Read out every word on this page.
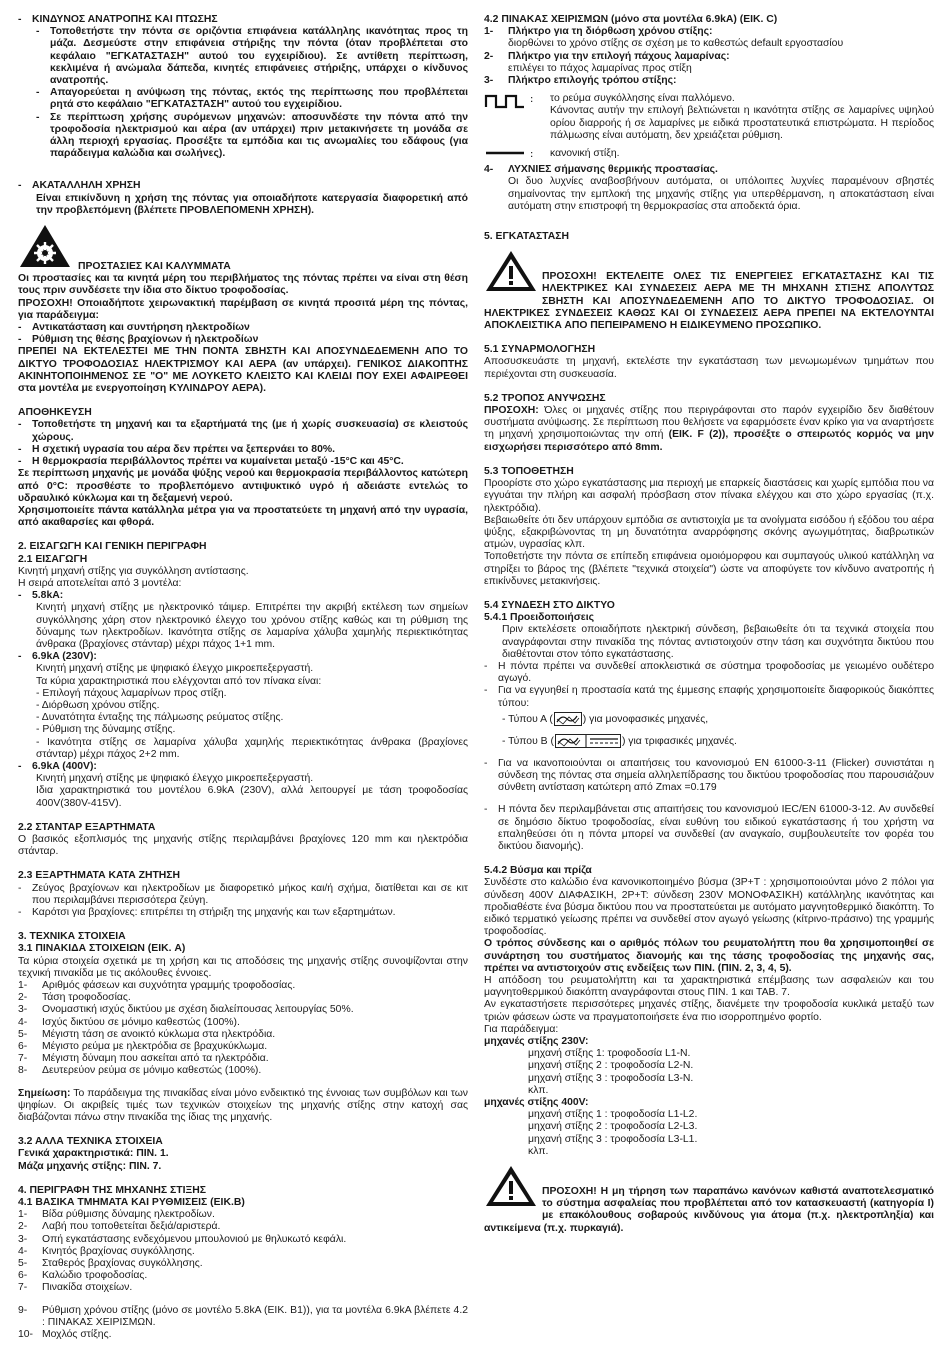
- ΚΙΝΔΥΝΟΣ ΑΝΑΤΡΟΠΗΣ ΚΑΙ ΠΤΩΣΗΣ
- Τοποθετήστε την πόντα σε οριζόντια επιφάνεια κατάλληλης ικανότητας προς τη μάζα. Δεσμεύστε στην επιφάνεια στήριξης την πόντα (όταν προβλέπεται στο κεφάλαιο "ΕΓΚΑΤΑΣΤΑΣΗ" αυτού του εγχειρίδιου). Σε αντίθετη περίπτωση, κεκλιμένα ή ανώμαλα δάπεδα, κινητές επιφάνειες στήριξης, υπάρχει ο κίνδυνος ανατροπής.
- Απαγορεύεται η ανύψωση της πόντας, εκτός της περίπτωσης που προβλέπεται ρητά στο κεφάλαιο "ΕΓΚΑΤΑΣΤΑΣΗ" αυτού του εγχειρίδιου.
- Σε περίπτωση χρήσης συρόμενων μηχανών: αποσυνδέστε την πόντα από την τροφοδοσία ηλεκτρισμού και αέρα (αν υπάρχει) πριν μετακινήσετε τη μονάδα σε άλλη περιοχή εργασίας. Προσέξτε τα εμπόδια και τις ανωμαλίες του εδάφους (για παράδειγμα καλώδια και σωλήνες).
- ΑΚΑΤΑΛΛΗΛΗ ΧΡΗΣΗ
Είναι επικίνδυνη η χρήση της πόντας για οποιαδήποτε κατεργασία διαφορετική από την προβλεπόμενη (βλέπετε ΠΡΟΒΛΕΠΟΜΕΝΗ ΧΡΗΣΗ).
ΠΡΟΣΤΑΣΙΕΣ ΚΑΙ ΚΑΛΥΜΜΑΤΑ
Οι προστασίες και τα κινητά μέρη του περιβλήματος της πόντας πρέπει να είναι στη θέση τους πριν συνδέσετε την ίδια στο δίκτυο τροφοδοσίας.
ΠΡΟΣΟΧΗ! Οποιαδήποτε χειρωνακτική παρέμβαση σε κινητά προσιτά μέρη της πόντας, για παράδειγμα:
- Αντικατάσταση και συντήρηση ηλεκτροδίων
- Ρύθμιση της θέσης βραχίονων ή ηλεκτροδίων
ΠΡΕΠΕΙ ΝΑ ΕΚΤΕΛΕΣΤΕΙ ΜΕ ΤΗΝ ΠΟΝΤΑ ΣΒΗΣΤΗ ΚΑΙ ΑΠΟΣΥΝΔΕΔΕΜΕΝΗ ΑΠΟ ΤΟ ΔΙΚΤΥΟ ΤΡΟΦΟΔΟΣΙΑΣ ΗΛΕΚΤΡΙΣΜΟΥ ΚΑΙ ΑΕΡΑ (αν υπάρχει). ΓΕΝΙΚΟΣ ΔΙΑΚΟΠΤΗΣ ΑΚΙΝΗΤΟΠΟΙΗΜΕΝΟΣ ΣΕ "Ο" ΜΕ ΛΟΥΚΕΤΟ ΚΛΕΙΣΤΟ ΚΑΙ ΚΛΕΙΔΙ ΠΟΥ ΕΧΕΙ ΑΦΑΙΡΕΘΕΙ στα μοντέλα με ενεργοποίηση ΚΥΛΙΝΔΡΟΥ ΑΕΡΑ).
ΑΠΟΘΗΚΕΥΣΗ
- Τοποθετήστε τη μηχανή και τα εξαρτήματά της (με ή χωρίς συσκευασία) σε κλειστούς χώρους.
- Η σχετική υγρασία του αέρα δεν πρέπει να ξεπερνάει το 80%.
- Η θερμοκρασία περιβάλλοντος πρέπει να κυμαίνεται μεταξύ -15°C και 45°C.
Σε περίπτωση μηχανής με μονάδα ψύξης νερού και θερμοκρασία περιβάλλοντος κατώτερη από 0°C: προσθέστε το προβλεπόμενο αντιψυκτικό υγρό ή αδειάστε εντελώς το υδραυλικό κύκλωμα και τη δεξαμενή νερού.
Χρησιμοποιείτε πάντα κατάλληλα μέτρα για να προστατεύετε τη μηχανή από την υγρασία, από ακαθαρσίες και φθορά.
2. ΕΙΣΑΓΩΓΗ ΚΑΙ ΓΕΝΙΚΗ ΠΕΡΙΓΡΑΦΗ
2.1 ΕΙΣΑΓΩΓΗ
Κινητή μηχανή στίξης για συγκόλληση αντίστασης.
Η σειρά αποτελείται από 3 μοντέλα:
- 5.8kA:
Κινητή μηχανή στίξης με ηλεκτρονικό τάιμερ. Επιτρέπει την ακριβή εκτέλεση των σημείων συγκόλλησης χάρη στον ηλεκτρονικό έλεγχο του χρόνου στίξης καθώς και τη ρύθμιση της δύναμης των ηλεκτροδίων. Ικανότητα στίξης σε λαμαρίνα χάλυβα χαμηλής περιεκτικότητας άνθρακα (βραχίονες στάνταρ) μέχρι πάχος 1+1 mm.
- 6.9kA (230V):
Κινητή μηχανή στίξης με ψηφιακό έλεγχο μικροεπεξεργαστή.
Τα κύρια χαρακτηριστικά που ελέγχονται από τον πίνακα είναι:
- Επιλογή πάχους λαμαρίνων προς στίξη.
- Διόρθωση χρόνου στίξης.
- Δυνατότητα ένταξης της πάλμωσης ρεύματος στίξης.
- Ρύθμιση της δύναμης στίξης.
- Ικανότητα στίξης σε λαμαρίνα χάλυβα χαμηλής περιεκτικότητας άνθρακα (βραχίονες στάνταρ) μέχρι πάχος 2+2 mm.
- 6.9kA (400V):
Κινητή μηχανή στίξης με ψηφιακό έλεγχο μικροεπεξεργαστή.
Ιδια χαρακτηριστικά του μοντέλου 6.9kA (230V), αλλά λειτουργεί με τάση τροφοδοσίας 400V(380V-415V).
2.2 ΣΤΑΝΤΑΡ ΕΞΑΡΤΗΜΑΤΑ
Ο βασικός εξοπλισμός της μηχανής στίξης περιλαμβάνει βραχίονες 120 mm και ηλεκτρόδια στάνταρ.
2.3 ΕΞΑΡΤΗΜΑΤΑ ΚΑΤΑ ΖΗΤΗΣΗ
- Ζεύγος βραχίονων και ηλεκτροδίων με διαφορετικό μήκος και/ή σχήμα, διατίθεται και σε κιτ που περιλαμβάνει περισσότερα ζεύγη.
- Καρότσι για βραχίονες: επιτρέπει τη στήριξη της μηχανής και των εξαρτημάτων.
3. ΤΕΧΝΙΚΑ ΣΤΟΙΧΕΙΑ
3.1 ΠΙΝΑΚΙΔΑ ΣΤΟΙΧΕΙΩΝ (ΕΙΚ. A)
Τα κύρια στοιχεία σχετικά με τη χρήση και τις αποδόσεις της μηχανής στίξης συνοψίζονται στην τεχνική πινακίδα με τις ακόλουθες έννοιες.
1- Αριθμός φάσεων και συχνότητα γραμμής τροφοδοσίας.
2- Τάση τροφοδοσίας.
3- Ονομαστική ισχύς δικτύου με σχέση διαλείπουσας λειτουργίας 50%.
4- Ισχύς δικτύου σε μόνιμο καθεστώς (100%).
5- Μέγιστη τάση σε ανοικτό κύκλωμα στα ηλεκτρόδια.
6- Μέγιστο ρεύμα με ηλεκτρόδια σε βραχυκύκλωμα.
7- Μέγιστη δύναμη που ασκείται από τα ηλεκτρόδια.
8- Δευτερεύον ρεύμα σε μόνιμο καθεστώς (100%).
Σημείωση: Το παράδειγμα της πινακίδας είναι μόνο ενδεικτικό της έννοιας των συμβόλων και των ψηφίων. Οι ακριβείς τιμές των τεχνικών στοιχείων της μηχανής στίξης στην κατοχή σας διαβάζονται πάνω στην πινακίδα της ίδιας της μηχανής.
3.2 ΑΛΛΑ ΤΕΧΝΙΚΑ ΣΤΟΙΧΕΙΑ
Γενικά χαρακτηριστικά: ΠΙΝ. 1.
Μάζα μηχανής στίξης: ΠΙΝ. 7.
4. ΠΕΡΙΓΡΑΦΗ ΤΗΣ ΜΗΧΑΝΗΣ ΣΤΙΞΗΣ
4.1 ΒΑΣΙΚΑ ΤΜΗΜΑΤΑ ΚΑΙ ΡΥΘΜΙΣΕΙΣ (ΕΙΚ.B)
1- Βίδα ρύθμισης δύναμης ηλεκτροδίων.
2- Λαβή που τοποθετείται δεξιά/αριστερά.
3- Οπή εγκατάστασης ενδεχόμενου μπουλονιού με θηλυκωτό κεφάλι.
4- Κινητός βραχίονας συγκόλλησης.
5- Σταθερός βραχίονας συγκόλλησης.
6- Καλώδιο τροφοδοσίας.
7- Πινακίδα στοιχείων.
9- Ρύθμιση χρόνου στίξης (μόνο σε μοντέλο 5.8kA (ΕΙΚ. B1)), για τα μοντέλα 6.9kA βλέπετε 4.2 : ΠΙΝΑΚΑΣ ΧΕΙΡΙΣΜΩΝ.
10- Μοχλός στίξης.
4.2 ΠΙΝΑΚΑΣ ΧΕΙΡΙΣΜΩΝ (μόνο στα μοντέλα 6.9kA) (ΕΙΚ. C)
1- Πλήκτρο για τη διόρθωση χρόνου στίξης:
διορθώνει το χρόνο στίξης σε σχέση με το καθεστώς default εργοστασίου
2- Πλήκτρο για την επιλογή πάχους λαμαρίνας:
επιλέγει το πάχος λαμαρίνας προς στίξη
3- Πλήκτρο επιλογής τρόπου στίξης:
: το ρεύμα συγκόλλησης είναι παλλόμενο.
Κάνοντας αυτήν την επιλογή βελτιώνεται η ικανότητα στίξης σε λαμαρίνες υψηλού ορίου διαρροής ή σε λαμαρίνες με ειδικά προστατευτικά επιστρώματα. Η περίοδος πάλμωσης είναι αυτόματη, δεν χρειάζεται ρύθμιση.
: κανονική στίξη.
4- ΛΥΧΝΙΕΣ σήμανσης θερμικής προστασίας.
Οι δυο λυχνίες αναβοσβήνουν αυτόματα, οι υπόλοιπες λυχνίες παραμένουν σβηστές σημαίνοντας την εμπλοκή της μηχανής στίξης για υπερθέρμανση, η αποκατάσταση είναι αυτόματη στην επιστροφή τη θερμοκρασίας στα αποδεκτά όρια.
5. ΕΓΚΑΤΑΣΤΑΣΗ
ΠΡΟΣΟΧΗ! ΕΚΤΕΛΕΙΤΕ ΟΛΕΣ ΤΙΣ ΕΝΕΡΓΕΙΕΣ ΕΓΚΑΤΑΣΤΑΣΗΣ ΚΑΙ ΤΙΣ ΗΛΕΚΤΡΙΚΕΣ ΚΑΙ ΣΥΝΔΕΣΕΙΣ ΑΕΡΑ ΜΕ ΤΗ ΜΗΧΑΝΗ ΣΤΙΞΗΣ ΑΠΟΛΥΤΩΣ ΣΒΗΣΤΗ ΚΑΙ ΑΠΟΣΥΝΔΕΔΕΜΕΝΗ ΑΠΟ ΤΟ ΔΙΚΤΥΟ ΤΡΟΦΟΔΟΣΙΑΣ. ΟΙ ΗΛΕΚΤΡΙΚΕΣ ΣΥΝΔΕΣΕΙΣ ΚΑΘΩΣ ΚΑΙ ΟΙ ΣΥΝΔΕΣΕΙΣ ΑΕΡΑ ΠΡΕΠΕΙ ΝΑ ΕΚΤΕΛΟΥΝΤΑΙ ΑΠΟΚΛΕΙΣΤΙΚΑ ΑΠΟ ΠΕΠΕΙΡΑΜΕΝΟ Η ΕΙΔΙΚΕΥΜΕΝΟ ΠΡΟΣΩΠΙΚΟ.
5.1 ΣΥΝΑΡΜΟΛΟΓΗΣΗ
Αποσυσκευάστε τη μηχανή, εκτελέστε την εγκατάσταση των μενωμωμένων τμημάτων που περιέχονται στη συσκευασία.
5.2 ΤΡΟΠΟΣ ΑΝΥΨΩΣΗΣ
ΠΡΟΣΟΧΗ: Όλες οι μηχανές στίξης που περιγράφονται στο παρόν εγχειρίδιο δεν διαθέτουν συστήματα ανύψωσης. Σε περίπτωση που θελήσετε να εφαρμόσετε έναν κρίκο για να αναρτήσετε τη μηχανή χρησιμοποιώντας την οπή (ΕΙΚ. F (2)), προσέξτε ο σπειρωτός κορμός να μην εισχωρήσει περισσότερο από 8mm.
5.3 ΤΟΠΟΘΕΤΗΣΗ
Προορίστε στο χώρο εγκατάστασης μια περιοχή με επαρκείς διαστάσεις και χωρίς εμπόδια που να εγγυάται την πλήρη και ασφαλή πρόσβαση στον πίνακα ελέγχου και στο χώρο εργασίας (π.χ. ηλεκτρόδια).
Βεβαιωθείτε ότι δεν υπάρχουν εμπόδια σε αντιστοιχία με τα ανοίγματα εισόδου ή εξόδου του αέρα ψύξης, εξακριβώνοντας τη μη δυνατότητα αναρρόφησης σκόνης αγωγιμότητας, διαβρωτικών ατμών, υγρασίας κλπ.
Τοποθετήστε την πόντα σε επίπεδη επιφάνεια ομοιόμορφου και συμπαγούς υλικού κατάλληλη να στηρίξει το βάρος της (βλέπετε "τεχνικά στοιχεία") ώστε να αποφύγετε τον κίνδυνο ανατροπής ή επικίνδυνες μετακινήσεις.
5.4 ΣΥΝΔΕΣΗ ΣΤΟ ΔΙΚΤΥΟ
5.4.1 Προειδοποιήσεις
Πριν εκτελέσετε οποιαδήποτε ηλεκτρική σύνδεση, βεβαιωθείτε ότι τα τεχνικά στοιχεία που αναγράφονται στην πινακίδα της πόντας αντιστοιχούν στην τάση και συχνότητα δικτύου που διαθέτονται στον τόπο εγκατάστασης.
- Η πόντα πρέπει να συνδεθεί αποκλειστικά σε σύστημα τροφοδοσίας με γειωμένο ουδέτερο αγωγό.
- Για να εγγυηθεί η προστασία κατά της έμμεσης επαφής χρησιμοποιείτε διαφορικούς διακόπτες τύπου:
- Τύπου Α (	) για μονοφασικές μηχανές,
- Τύπου Β (	) για τριφασικές μηχανές.
- Για να ικανοποιούνται οι απαιτήσεις του κανονισμού EN 61000-3-11 (Flicker) συνιστάται η σύνδεση της πόντας στα σημεία αλληλεπίδρασης του δικτύου τροφοδοσίας που παρουσιάζουν σύνθετη αντίσταση κατώτερη από Zmax =0.179
- Η πόντα δεν περιλαμβάνεται στις απαιτήσεις του κανονισμού IEC/EN 61000-3-12. Αν συνδεθεί σε δημόσιο δίκτυο τροφοδοσίας, είναι ευθύνη του ειδικού εγκατάστασης ή του χρήστη να επαληθεύσει ότι η πόντα μπορεί να συνδεθεί (αν αναγκαίο, συμβουλευτείτε τον φορέα του δικτύου διανομής).
5.4.2 Βύσμα και πρίζα
Συνδέστε στο καλώδιο ένα κανονικοποιημένο βύσμα (3P+T : χρησιμοποιούνται μόνο 2 πόλοι για σύνδεση 400V ΔΙΑΦΑΣΙΚΗ, 2P+T: σύνδεση 230V ΜΟΝΟΦΑΣΙΚΗ) κατάλληλης ικανότητας και προδιαθέστε ένα βύσμα δικτύου που να προστατεύεται με αυτόματο μαγνητοθερμικό διακόπτη. Το ειδικό τερματικό γείωσης πρέπει να συνδεθεί στον αγωγό γείωσης (κίτρινο-πράσινο) της γραμμής τροφοδοσίας.
Ο τρόπος σύνδεσης και ο αριθμός πόλων του ρευματολήπτη που θα χρησιμοποιηθεί σε συνάρτηση του συστήματος διανομής και της τάσης τροφοδοσίας της μηχανής σας, πρέπει να αντιστοιχούν στις ενδείξεις των ΠΙΝ. (ΠΙΝ. 2, 3, 4, 5).
Η απόδοση του ρευματολήπτη και τα χαρακτηριστικά επέμβασης των ασφαλειών και του μαγνητοθερμικού διακόπτη αναγράφονται στους ΠΙΝ. 1 και ΤΑΒ. 7.
Αν εγκαταστήσετε περισσότερες μηχανές στίξης, διανέμετε την τροφοδοσία κυκλικά μεταξύ των τριών φάσεων ώστε να πραγματοποιήσετε ένα πιο ισορροπημένο φορτίο.
Για παράδειγμα:
μηχανές στίξης 230V:
μηχανή στίξης 1: τροφοδοσία L1-N.
μηχανή στίξης 2 : τροφοδοσία L2-N.
μηχανή στίξης 3 : τροφοδοσία L3-N.
κλπ.
μηχανές στίξης 400V:
μηχανή στίξης 1 : τροφοδοσία L1-L2.
μηχανή στίξης 2 : τροφοδοσία L2-L3.
μηχανή στίξης 3 : τροφοδοσία L3-L1.
κλπ.
ΠΡΟΣΟΧΗ! Η μη τήρηση των παραπάνω κανόνων καθιστά αναποτελεσματικό το σύστημα ασφαλείας που προβλέπεται από τον κατασκευαστή (κατηγορία I) με επακόλουθους σοβαρούς κινδύνους για άτομα (π.χ. ηλεκτροπληξία) και αντικείμενα (π.χ. πυρκαγιά).
